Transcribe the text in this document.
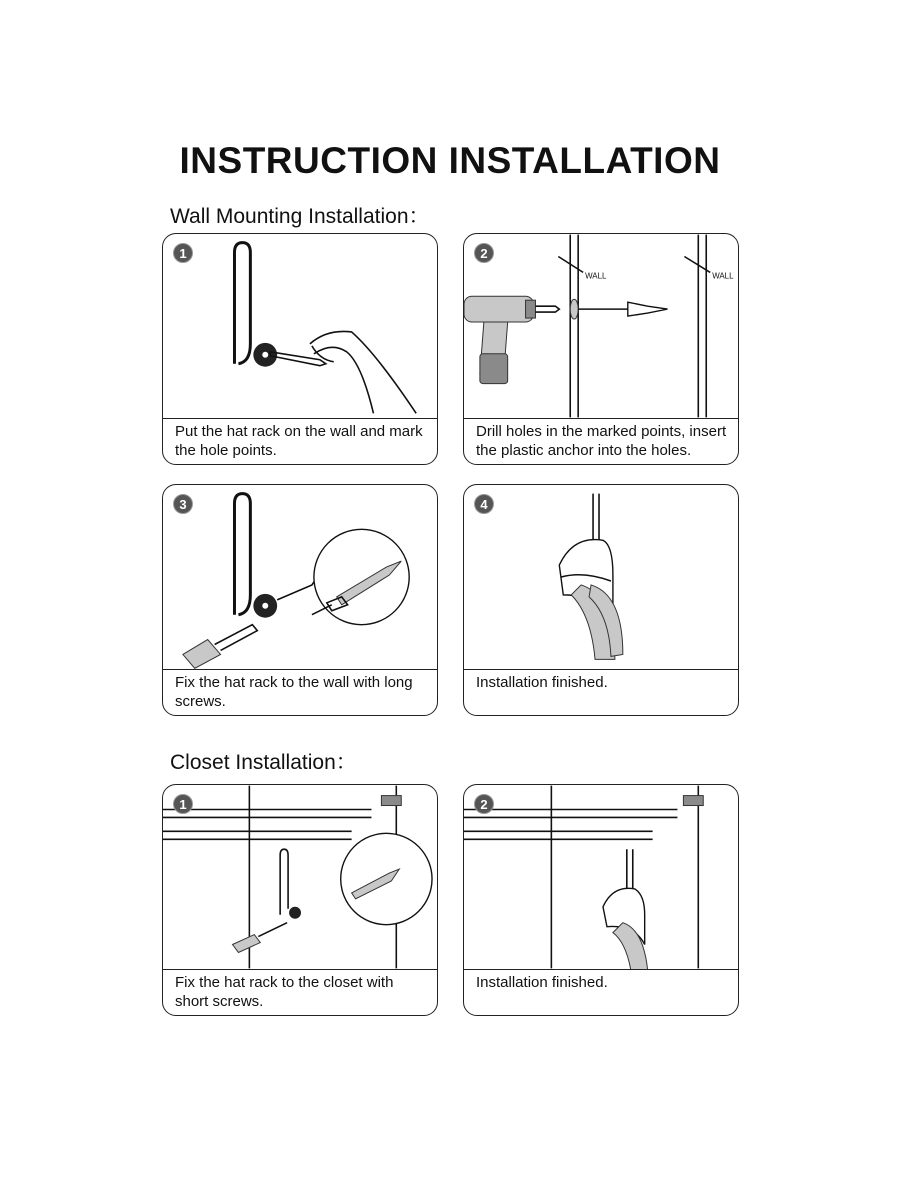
INSTRUCTION INSTALLATION
Wall Mounting Installation：
1
Put the hat rack on the wall and mark the hole points.
WALL	WALL
2
Drill holes in the marked points, insert the plastic anchor into the holes.
3
Fix the hat rack to the wall with long screws.
4
Installation finished.
Closet Installation：
1
Fix the hat rack to the closet with short screws.
2
Installation finished.
